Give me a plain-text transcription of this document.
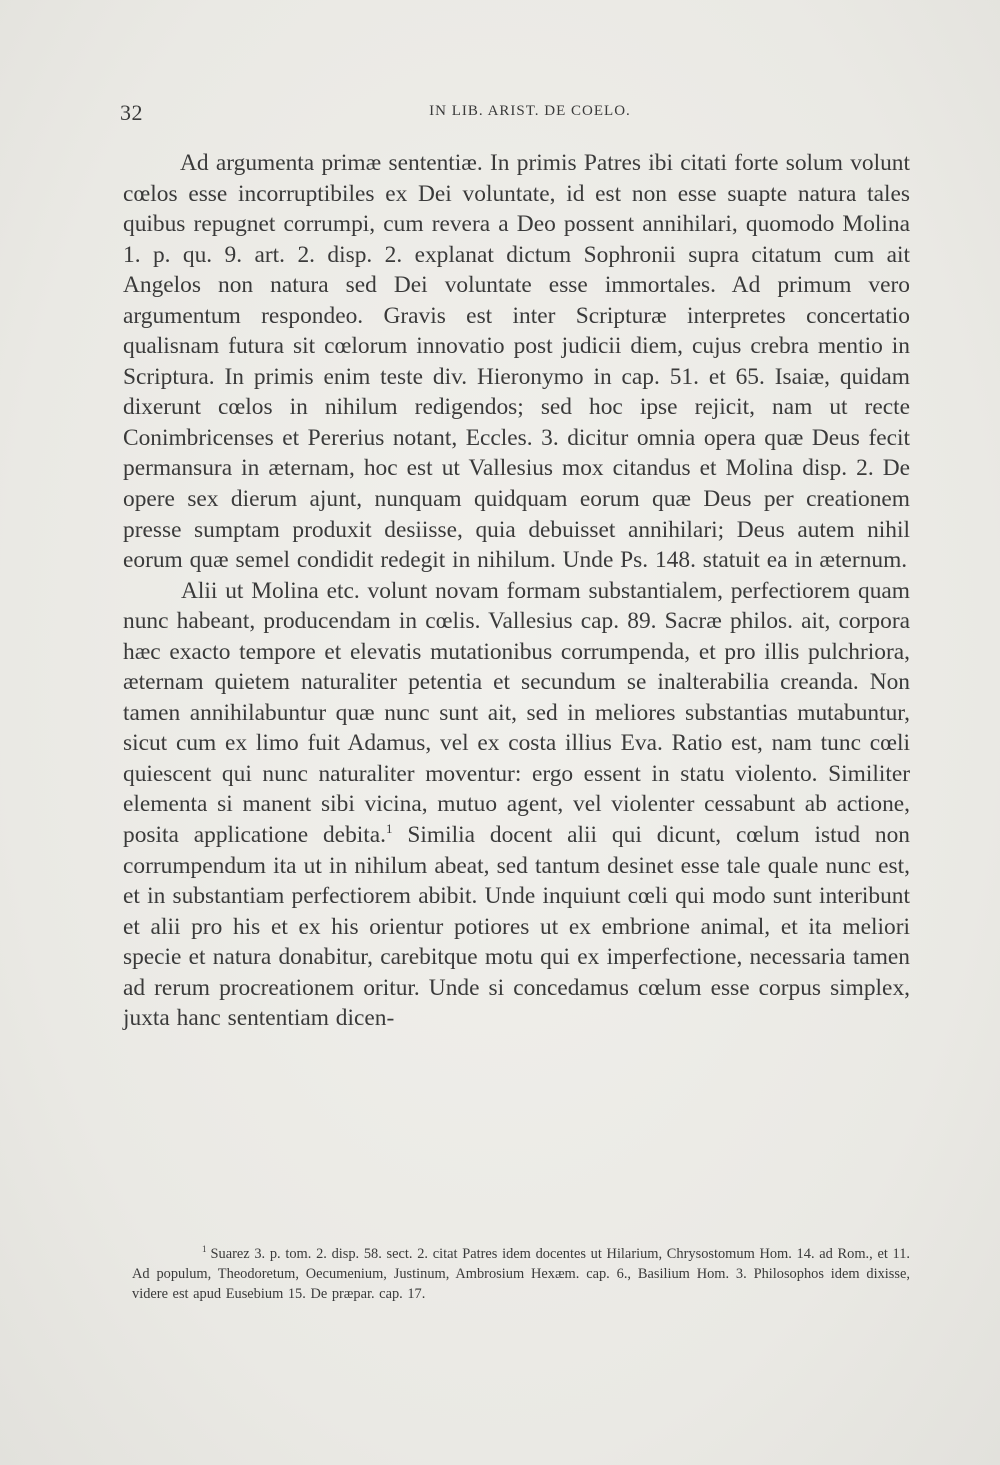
32	IN LIB. ARIST. DE COELO.

Ad argumenta primæ sententiæ. In primis Patres ibi citati forte solum volunt cœlos esse incorruptibiles ex Dei voluntate, id est non esse suapte natura tales quibus repugnet corrumpi, cum revera a Deo possent annihilari, quomodo Molina 1. p. qu. 9. art. 2. disp. 2. explanat dictum Sophronii supra citatum cum ait Angelos non natura sed Dei voluntate esse immortales. Ad primum vero argumentum respondeo. Gravis est inter Scripturæ interpretes concertatio qualisnam futura sit cœlorum innovatio post judicii diem, cujus crebra mentio in Scriptura. In primis enim teste div. Hieronymo in cap. 51. et 65. Isaiæ, quidam dixerunt cœlos in nihilum redigendos; sed hoc ipse rejicit, nam ut recte Conimbricenses et Pererius notant, Eccles. 3. dicitur omnia opera quæ Deus fecit permansura in æternam, hoc est ut Vallesius mox citandus et Molina disp. 2. De opere sex dierum ajunt, nunquam quidquam eorum quæ Deus per creationem presse sumptam produxit desiisse, quia debuisset annihilari; Deus autem nihil eorum quæ semel condidit redegit in nihilum. Unde Ps. 148. statuit ea in æternum.

Alii ut Molina etc. volunt novam formam substantialem, perfectiorem quam nunc habeant, producendam in cœlis. Vallesius cap. 89. Sacræ philos. ait, corpora hæc exacto tempore et elevatis mutationibus corrumpenda, et pro illis pulchriora, æternam quietem naturaliter petentia et secundum se inalterabilia creanda. Non tamen annihilabuntur quæ nunc sunt ait, sed in meliores substantias mutabuntur, sicut cum ex limo fuit Adamus, vel ex costa illius Eva. Ratio est, nam tunc cœli quiescent qui nunc naturaliter moventur: ergo essent in statu violento. Similiter elementa si manent sibi vicina, mutuo agent, vel violenter cessabunt ab actione, posita applicatione debita.$^1$ Similia docent alii qui dicunt, cœlum istud non corrumpendum ita ut in nihilum abeat, sed tantum desinet esse tale quale nunc est, et in substantiam perfectiorem abibit. Unde inquiunt cœli qui modo sunt interibunt et alii pro his et ex his orientur potiores ut ex embrione animal, et ita meliori specie et natura donabitur, carebitque motu qui ex imperfectione, necessaria tamen ad rerum procreationem oritur. Unde si concedamus cœlum esse corpus simplex, juxta hanc sententiam dicen-

$^1$ Suarez 3. p. tom. 2. disp. 58. sect. 2. citat Patres idem docentes ut Hilarium, Chrysostomum Hom. 14. ad Rom., et 11. Ad populum, Theodoretum, Oecumenium, Justinum, Ambrosium Hexæm. cap. 6., Basilium Hom. 3. Philosophos idem dixisse, videre est apud Eusebium 15. De præpar. cap. 17.
